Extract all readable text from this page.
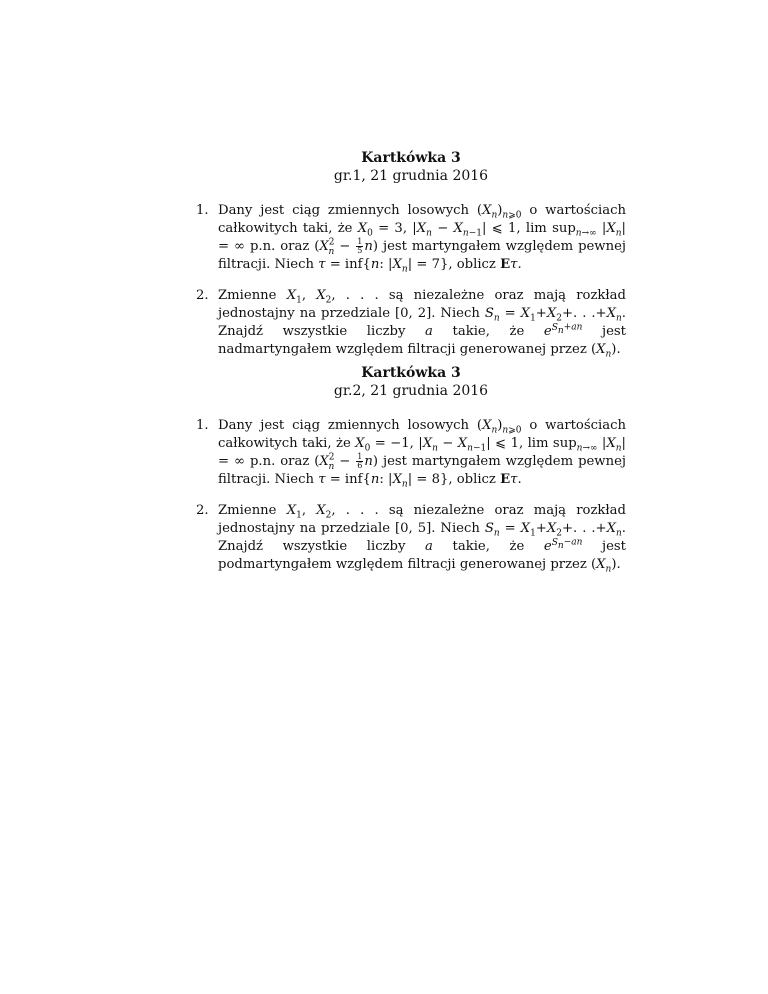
Kartkówka 3
gr.1, 21 grudnia 2016
1. Dany jest ciąg zmiennych losowych $(X_n)_{n⩾0}$ o wartościach całkowitych taki, że $X_0 = 3$, $|X_n - X_{n-1}|$ ⩽ 1, lim sup$_{n\to\infty}$ $|X_n|$ = ∞ p.n. oraz $(X^2_n - \frac{1}{5} n)$ jest martyngałem względem pewnej filtracji. Niech τ = inf{n: $|X_n| = 7$}, oblicz Eτ.
2. Zmienne $X_1$, $X_2$, . . . są niezależne oraz mają rozkład jednostajny na przedziale [0, 2]. Niech $S_n = X_1+X_2+$. . $.+X_n$. Znajdź wszystkie liczby a takie, że $e^{S_n+an}$ jest nadmartyngałem względem filtracji generowanej przez $(X_n)$.
Kartkówka 3
gr.2, 21 grudnia 2016
1. Dany jest ciąg zmiennych losowych $(X_n)_{n⩾0}$ o wartościach całkowitych taki, że $X_0 = -1$, $|X_n - X_{n-1}|$ ⩽ 1, lim sup$_{n\to\infty}$ $|X_n|$ = ∞ p.n. oraz $(X^2_n - \frac{1}{6} n)$ jest martyngałem względem pewnej filtracji. Niech τ = inf{n: $|X_n| = 8$}, oblicz Eτ.
2. Zmienne $X_1$, $X_2$, . . . są niezależne oraz mają rozkład jednostajny na przedziale [0, 5]. Niech $S_n = X_1+X_2+$. . $.+X_n$. Znajdź wszystkie liczby a takie, że $e^{S_n-an}$ jest podmartyngałem względem filtracji generowanej przez $(X_n)$.
